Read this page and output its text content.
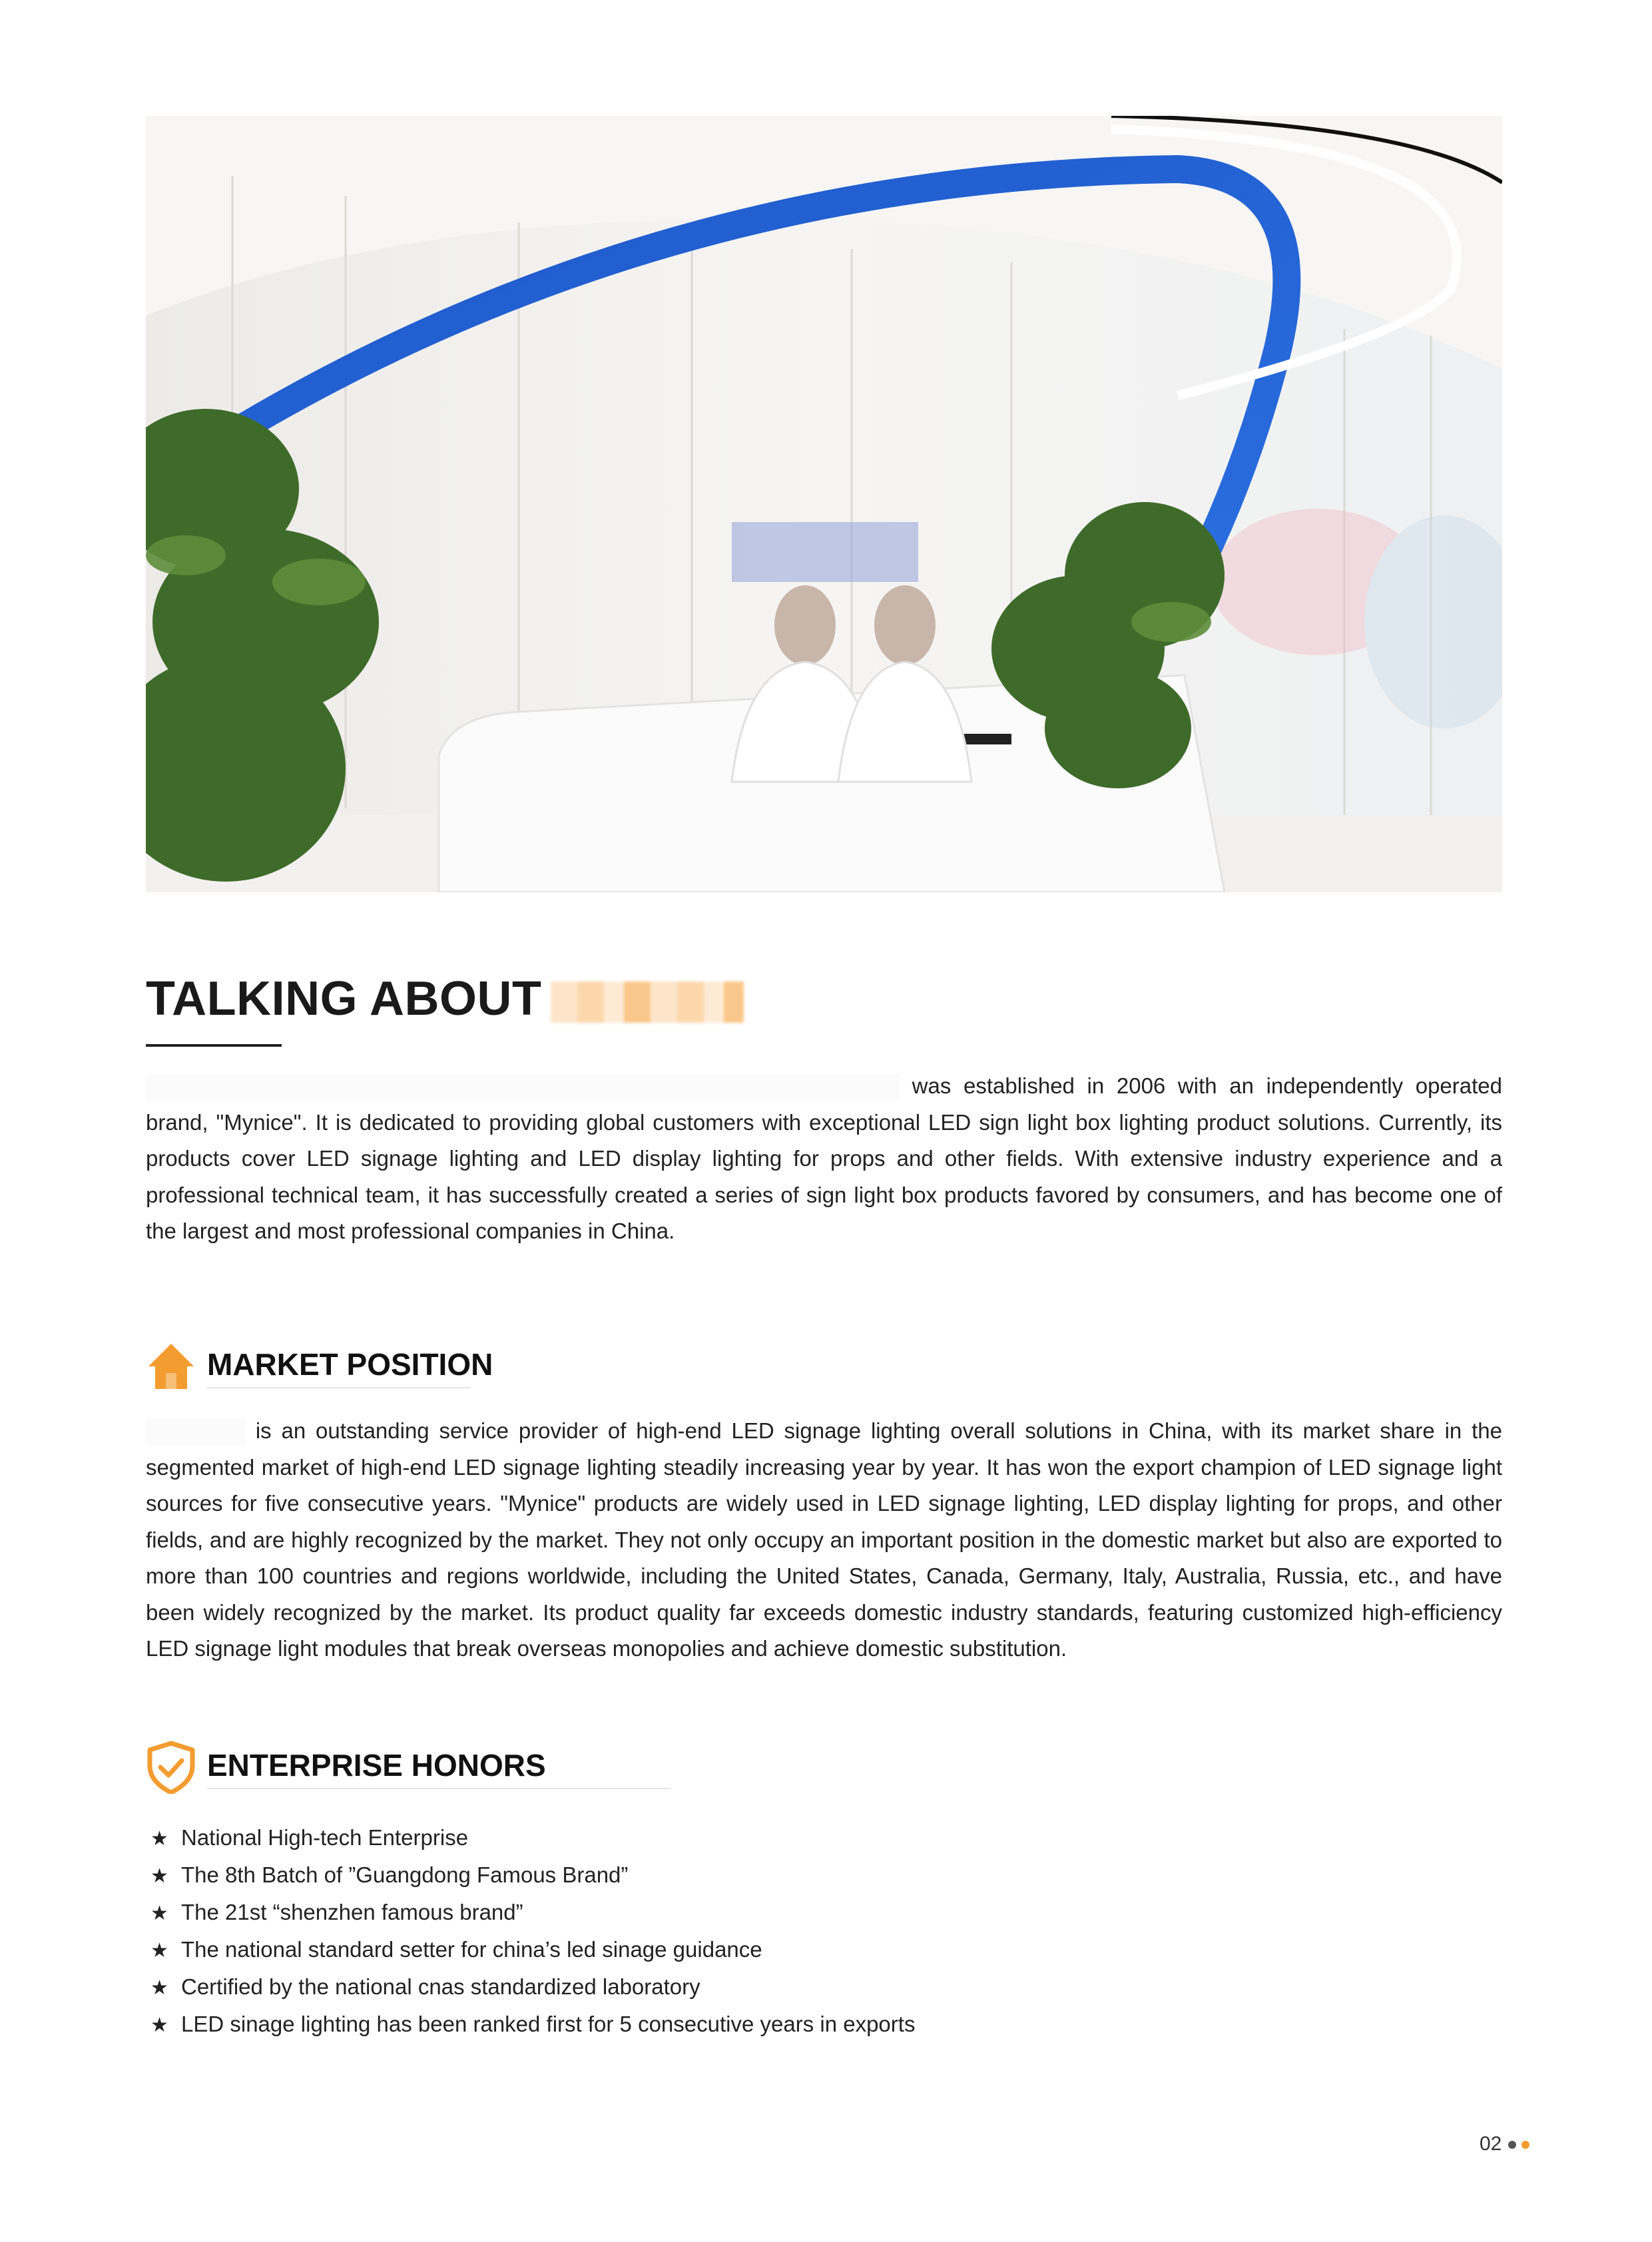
TALKING ABOUT
was established in 2006 with an independently operated brand, "Mynice". It is dedicated to providing global customers with exceptional LED sign light box lighting product solutions. Currently, its products cover LED signage lighting and LED display lighting for props and other fields. With extensive industry experience and a professional technical team, it has successfully created a series of sign light box products favored by consumers, and has become one of the largest and most professional companies in China.
MARKET POSITION
is an outstanding service provider of high-end LED signage lighting overall solutions in China, with its market share in the segmented market of high-end LED signage lighting steadily increasing year by year. It has won the export champion of LED signage light sources for five consecutive years. "Mynice" products are widely used in LED signage lighting, LED display lighting for props, and other fields, and are highly recognized by the market. They not only occupy an important position in the domestic market but also are exported to more than 100 countries and regions worldwide, including the United States, Canada, Germany, Italy, Australia, Russia, etc., and have been widely recognized by the market. Its product quality far exceeds domestic industry standards, featuring customized high-efficiency LED signage light modules that break overseas monopolies and achieve domestic substitution.
ENTERPRISE HONORS
★ National High-tech Enterprise
★ The 8th Batch of ”Guangdong Famous Brand”
★ The 21st “shenzhen famous brand”
★ The national standard setter for china’s led sinage guidance
★ Certified by the national cnas standardized laboratory
★ LED sinage lighting has been ranked first for 5 consecutive years in exports
02
